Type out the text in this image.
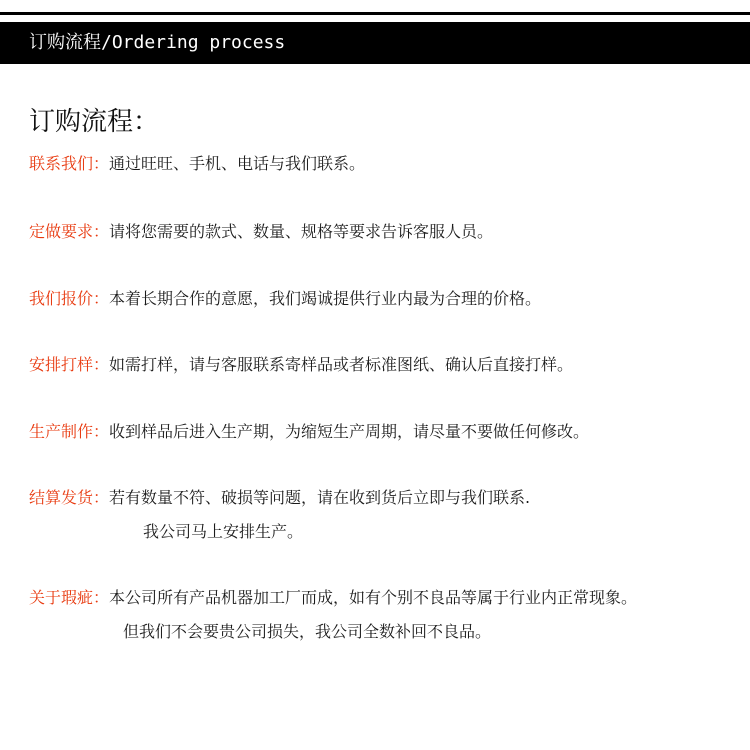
订购流程/Ordering process
订购流程：
联系我们：通过旺旺、手机、电话与我们联系。
定做要求：请将您需要的款式、数量、规格等要求告诉客服人员。
我们报价：本着长期合作的意愿，我们竭诚提供行业内最为合理的价格。
安排打样：如需打样，请与客服联系寄样品或者标准图纸、确认后直接打样。
生产制作：收到样品后进入生产期，为缩短生产周期，请尽量不要做任何修改。
结算发货：若有数量不符、破损等问题，请在收到货后立即与我们联系.
我公司马上安排生产。
关于瑕疵：本公司所有产品机器加工厂而成，如有个别不良品等属于行业内正常现象。
但我们不会要贵公司损失，我公司全数补回不良品。
